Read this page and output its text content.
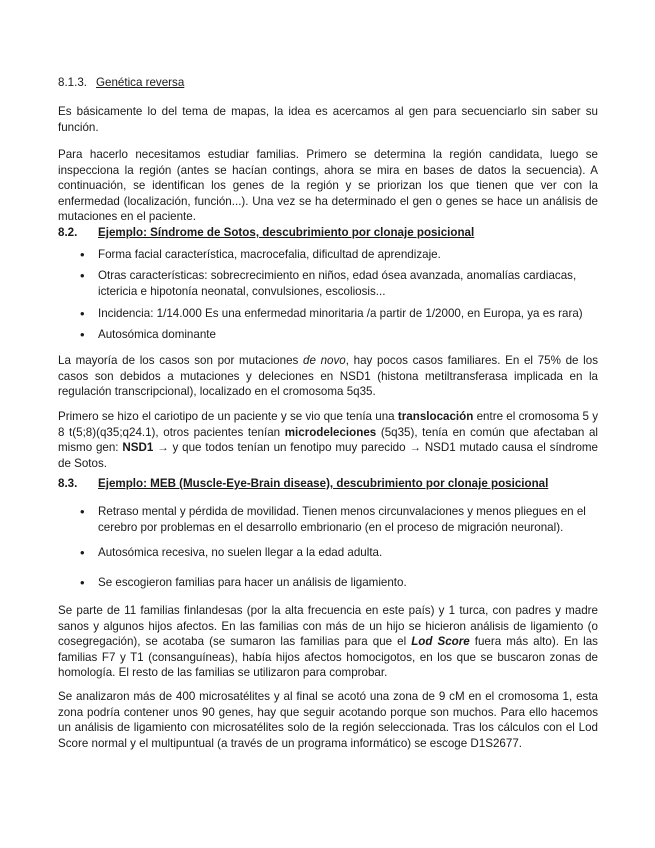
8.1.3. Genética reversa

Es básicamente lo del tema de mapas, la idea es acercamos al gen para secuenciarlo sin saber su función.

Para hacerlo necesitamos estudiar familias. Primero se determina la región candidata, luego se inspecciona la región (antes se hacían contings, ahora se mira en bases de datos la secuencia). A continuación, se identifican los genes de la región y se priorizan los que tienen que ver con la enfermedad (localización, función...). Una vez se ha determinado el gen o genes se hace un análisis de mutaciones en el paciente.

8.2. Ejemplo: Síndrome de Sotos, descubrimiento por clonaje posicional
• Forma facial característica, macrocefalia, dificultad de aprendizaje.

• Otras características: sobrecrecimiento en niños, edad ósea avanzada, anomalías cardiacas, ictericia e hipotonía neonatal, convulsiones, escoliosis...

• Incidencia: 1/14.000 Es una enfermedad minoritaria /a partir de 1/2000, en Europa, ya es rara)

• Autosómica dominante

La mayoría de los casos son por mutaciones de novo, hay pocos casos familiares. En el 75% de los casos son debidos a mutaciones y deleciones en NSD1 (histona metiltransferasa implicada en la regulación transcripcional), localizado en el cromosoma 5q35.

Primero se hizo el cariotipo de un paciente y se vio que tenía una translocación entre el cromosoma 5 y 8 t(5;8)(q35;q24.1), otros pacientes tenían microdeleciones (5q35), tenía en común que afectaban al mismo gen: NSD1 → y que todos tenían un fenotipo muy parecido → NSD1 mutado causa el síndrome de Sotos.

8.3. Ejemplo: MEB (Muscle-Eye-Brain disease), descubrimiento por clonaje posicional
• Retraso mental y pérdida de movilidad. Tienen menos circunvalaciones y menos pliegues en el cerebro por problemas en el desarrollo embrionario (en el proceso de migración neuronal).

• Autosómica recesiva, no suelen llegar a la edad adulta.

• Se escogieron familias para hacer un análisis de ligamiento.

Se parte de 11 familias finlandesas (por la alta frecuencia en este país) y 1 turca, con padres y madre sanos y algunos hijos afectos. En las familias con más de un hijo se hicieron análisis de ligamiento (o cosegregación), se acotaba (se sumaron las familias para que el Lod Score fuera más alto). En las familias F7 y T1 (consanguíneas), había hijos afectos homocigotos, en los que se buscaron zonas de homología. El resto de las familias se utilizaron para comprobar.

Se analizaron más de 400 microsatélites y al final se acotó una zona de 9 cM en el cromosoma 1, esta zona podría contener unos 90 genes, hay que seguir acotando porque son muchos. Para ello hacemos un análisis de ligamiento con microsatélites solo de la región seleccionada. Tras los cálculos con el Lod Score normal y el multipuntual (a través de un programa informático) se escoge D1S2677.
